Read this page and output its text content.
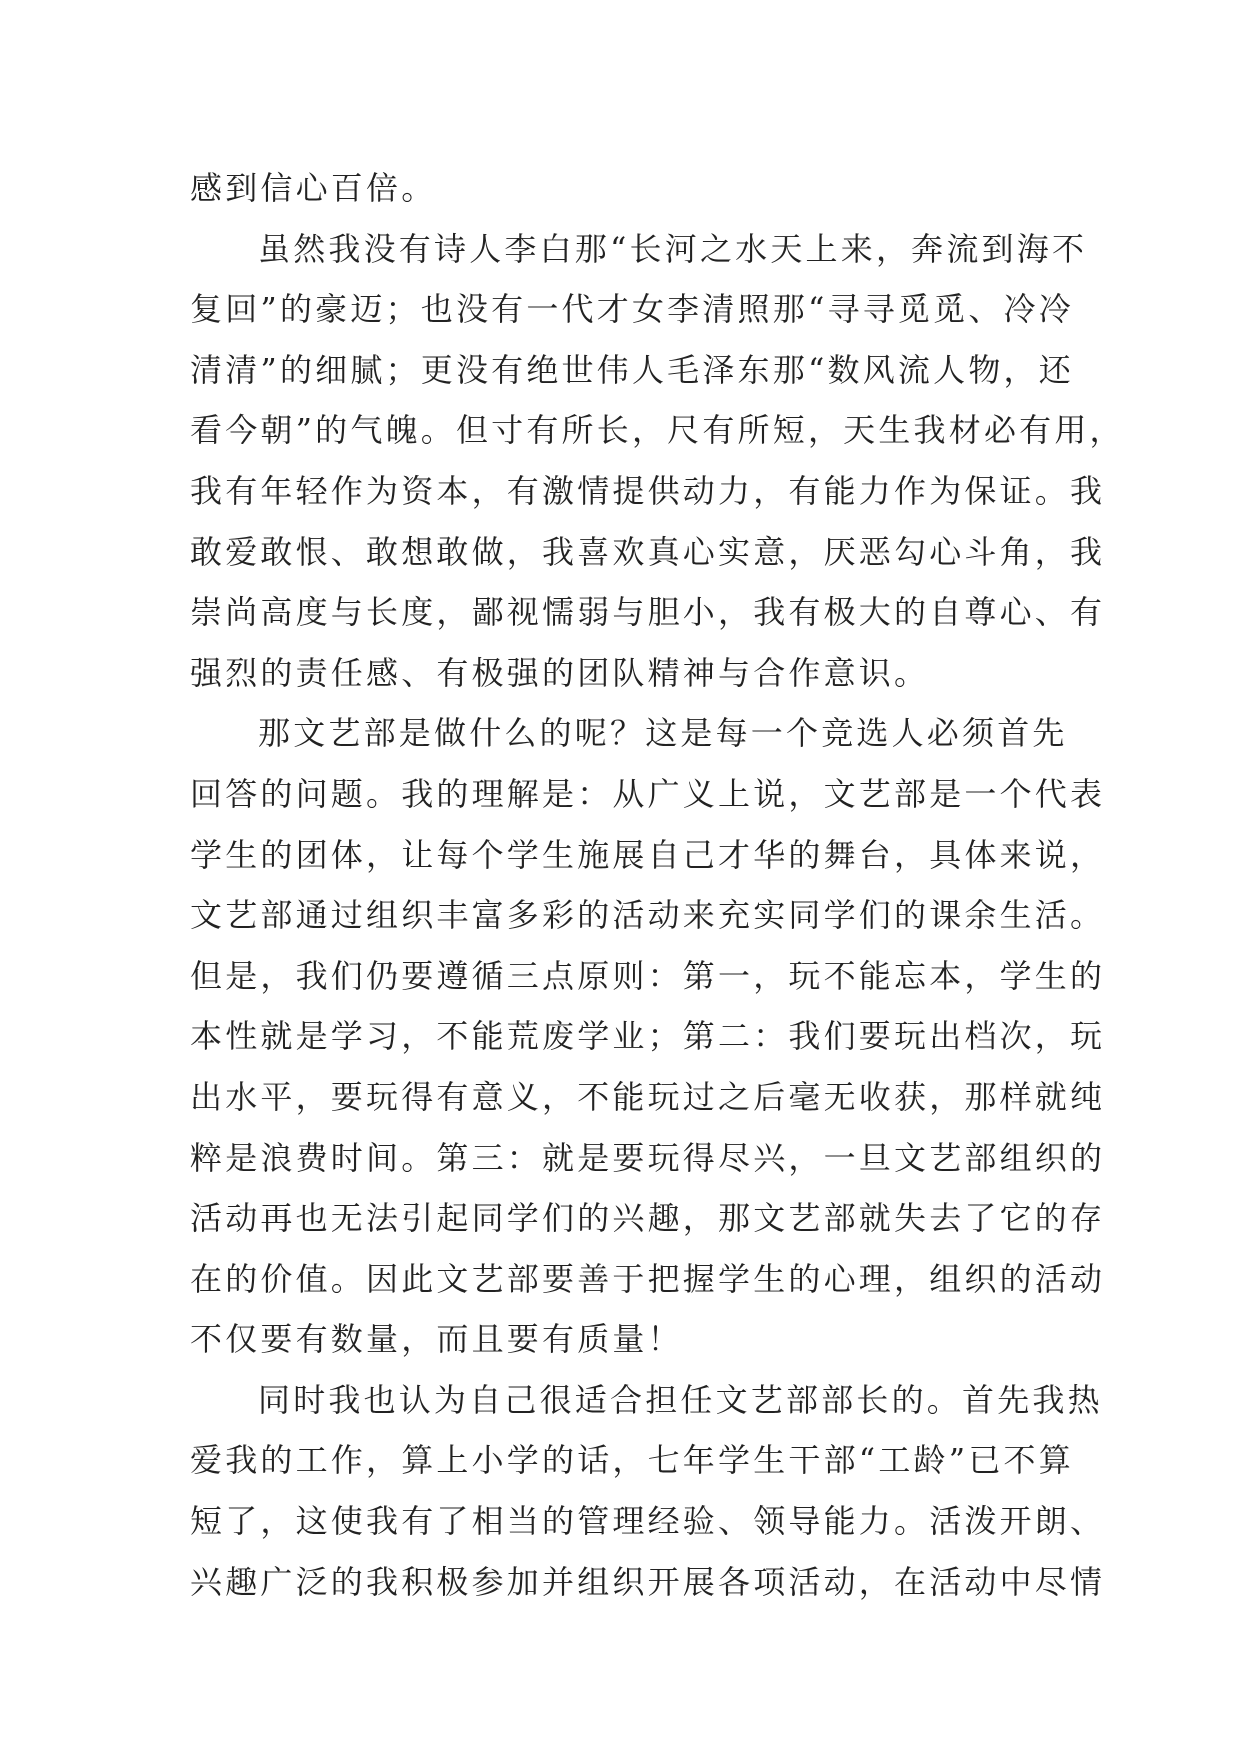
感到信心百倍。
虽然我没有诗人李白那“长河之水天上来，奔流到海不
复回”的豪迈；也没有一代才女李清照那“寻寻觅觅、冷冷
清清”的细腻；更没有绝世伟人毛泽东那“数风流人物，还
看今朝”的气魄。但寸有所长，尺有所短，天生我材必有用，
我有年轻作为资本，有激情提供动力，有能力作为保证。我
敢爱敢恨、敢想敢做，我喜欢真心实意，厌恶勾心斗角，我
崇尚高度与长度，鄙视懦弱与胆小，我有极大的自尊心、有
强烈的责任感、有极强的团队精神与合作意识。
那文艺部是做什么的呢？这是每一个竞选人必须首先
回答的问题。我的理解是：从广义上说，文艺部是一个代表
学生的团体，让每个学生施展自己才华的舞台，具体来说，
文艺部通过组织丰富多彩的活动来充实同学们的课余生活。
但是，我们仍要遵循三点原则：第一，玩不能忘本，学生的
本性就是学习，不能荒废学业；第二：我们要玩出档次，玩
出水平，要玩得有意义，不能玩过之后毫无收获，那样就纯
粹是浪费时间。第三：就是要玩得尽兴，一旦文艺部组织的
活动再也无法引起同学们的兴趣，那文艺部就失去了它的存
在的价值。因此文艺部要善于把握学生的心理，组织的活动
不仅要有数量，而且要有质量！
同时我也认为自己很适合担任文艺部部长的。首先我热
爱我的工作，算上小学的话，七年学生干部“工龄”已不算
短了，这使我有了相当的管理经验、领导能力。活泼开朗、
兴趣广泛的我积极参加并组织开展各项活动，在活动中尽情
